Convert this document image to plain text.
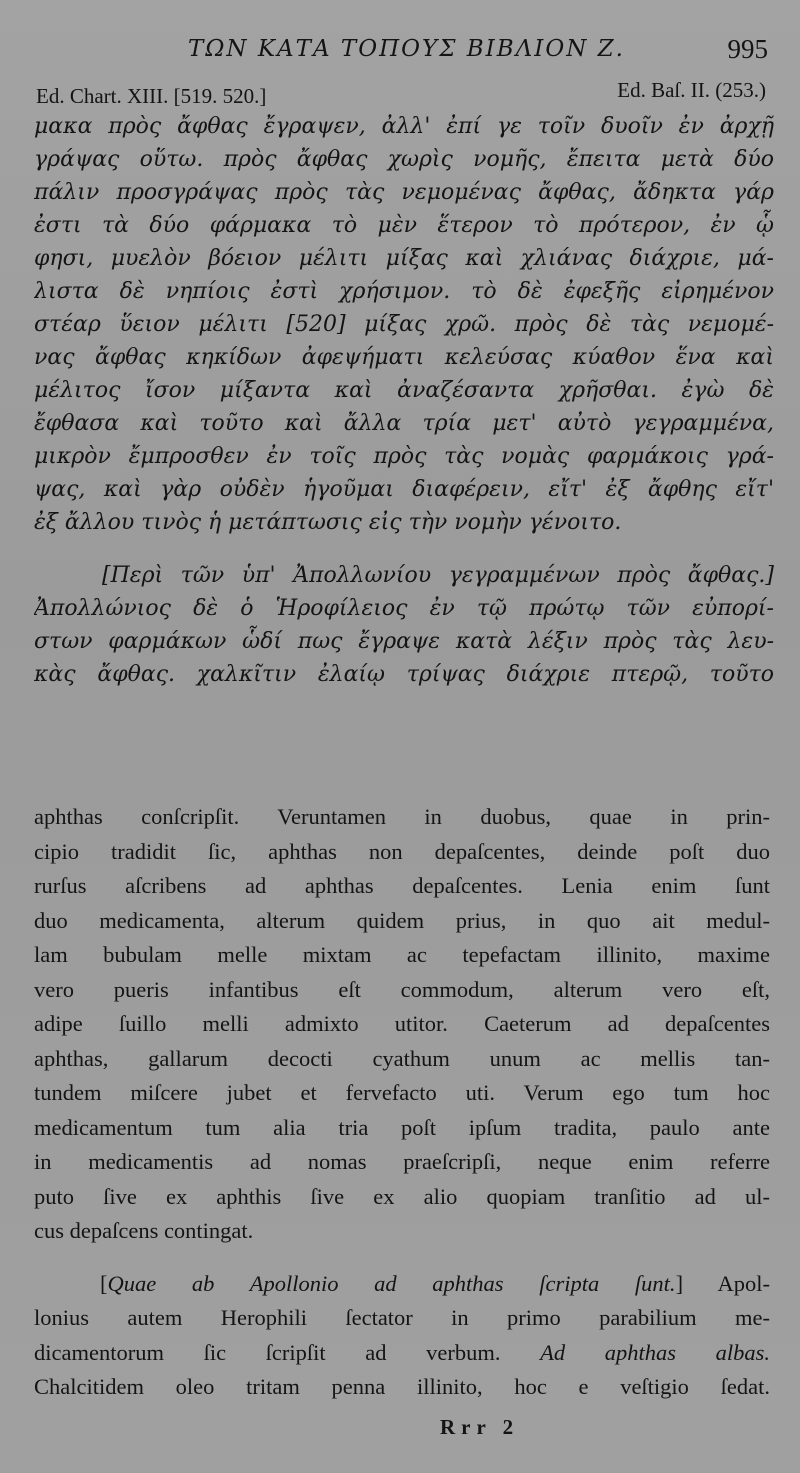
ΤΩΝ ΚΑΤΑ ΤΟΠΟΥΣ ΒΙΒΛΙΟΝ Ζ.	995
Ed. Chart. XIII. [519. 520.]	Ed. Baſ. II. (253.)
μακα πρὸς ἄφθας ἔγραψεν, ἀλλ' ἐπί γε τοῖν δυοῖν ἐν ἀρχῇ
γράψας οὕτω. πρὸς ἄφθας χωρὶς νομῆς, ἔπειτα μετὰ δύο
πάλιν προσγράψας πρὸς τὰς νεμομένας ἄφθας, ἄδηκτα γάρ
ἐστι τὰ δύο φάρμακα τὸ μὲν ἕτερον τὸ πρότερον, ἐν ᾧ
φησι, μυελὸν βόειον μέλιτι μίξας καὶ χλιάνας διάχριε, μά-
λιστα δὲ νηπίοις ἐστὶ χρήσιμον. τὸ δὲ ἐφεξῆς εἰρημένον
στέαρ ὕειον μέλιτι [520] μίξας χρῶ. πρὸς δὲ τὰς νεμομέ-
νας ἄφθας κηκίδων ἀφεψήματι κελεύσας κύαθον ἕνα καὶ
μέλιτος ἴσον μίξαντα καὶ ἀναζέσαντα χρῆσθαι. ἐγὼ δὲ
ἔφθασα καὶ τοῦτο καὶ ἄλλα τρία μετ' αὐτὸ γεγραμμένα,
μικρὸν ἔμπροσθεν ἐν τοῖς πρὸς τὰς νομὰς φαρμάκοις γρά-
ψας, καὶ γὰρ οὐδὲν ἡγοῦμαι διαφέρειν, εἴτ' ἐξ ἄφθης εἴτ'
ἐξ ἄλλου τινὸς ἡ μετάπτωσις εἰς τὴν νομὴν γένοιτο.
[Περὶ τῶν ὑπ' Ἀπολλωνίου γεγραμμένων πρὸς ἄφθας.]
Ἀπολλώνιος δὲ ὁ Ἡροφίλειος ἐν τῷ πρώτῳ τῶν εὐπορί-
στων φαρμάκων ὧδί πως ἔγραψε κατὰ λέξιν πρὸς τὰς λευ-
κὰς ἄφθας. χαλκῖτιν ἐλαίῳ τρίψας διάχριε πτερῷ, τοῦτο
aphthas conſcripſit. Veruntamen in duobus, quae in prin-
cipio tradidit ſic, aphthas non depaſcentes, deinde poſt duo
rurſus aſcribens ad aphthas depaſcentes. Lenia enim ſunt
duo medicamenta, alterum quidem prius, in quo ait medul-
lam bubulam melle mixtam ac tepefactam illinito, maxime
vero pueris infantibus eſt commodum, alterum vero eſt,
adipe ſuillo melli admixto utitor. Caeterum ad depaſcentes
aphthas, gallarum decocti cyathum unum ac mellis tan-
tundem miſcere jubet et fervefacto uti. Verum ego tum hoc
medicamentum tum alia tria poſt ipſum tradita, paulo ante
in medicamentis ad nomas praeſcripſi, neque enim referre
puto ſive ex aphthis ſive ex alio quopiam tranſitio ad ul-
cus depaſcens contingat.
[Quae ab Apollonio ad aphthas ſcripta ſunt.] Apol-
lonius autem Herophili ſectator in primo parabilium me-
dicamentorum ſic ſcripſit ad verbum. Ad aphthas albas.
Chalcitidem oleo tritam penna illinito, hoc e veſtigio ſedat.
Rrr 2
